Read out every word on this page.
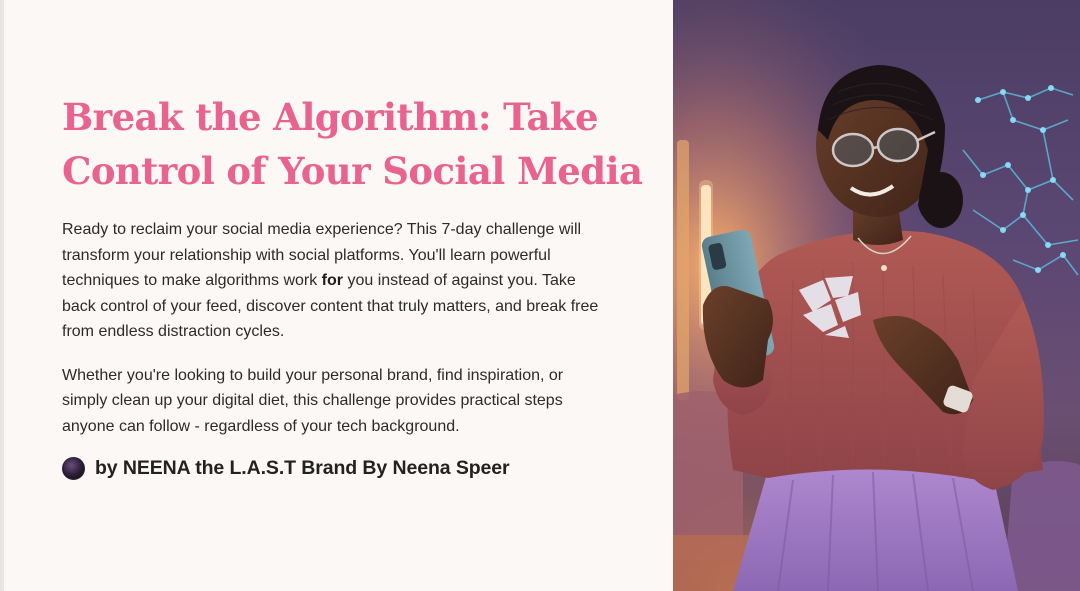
Break the Algorithm: Take
Control of Your Social Media

Ready to reclaim your social media experience? This 7-day challenge will
transform your relationship with social platforms. You'll learn powerful
techniques to make algorithms work for you instead of against you. Take
back control of your feed, discover content that truly matters, and break free
from endless distraction cycles.

Whether you're looking to build your personal brand, find inspiration, or
simply clean up your digital diet, this challenge provides practical steps
anyone can follow - regardless of your tech background.

by NEENA the L.A.S.T Brand By Neena Speer
